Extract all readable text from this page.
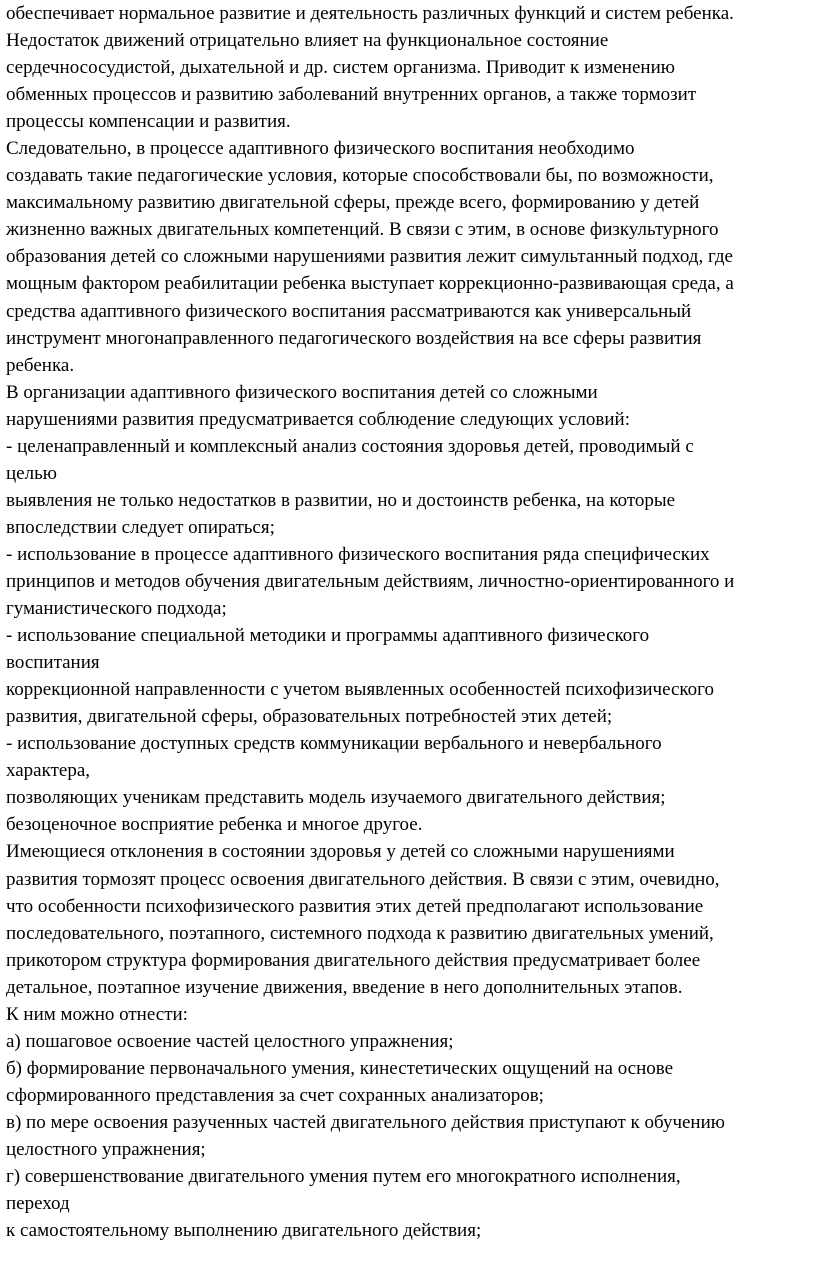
обеспечивает нормальное развитие и деятельность различных функций и систем ребенка.
Недостаток движений отрицательно влияет на функциональное состояние
сердечнососудистой, дыхательной и др. систем организма. Приводит к изменению
обменных процессов и развитию заболеваний внутренних органов, а также тормозит
процессы компенсации и развития.
Следовательно, в процессе адаптивного физического воспитания необходимо
создавать такие педагогические условия, которые способствовали бы, по возможности,
максимальному развитию двигательной сферы, прежде всего, формированию у детей
жизненно важных двигательных компетенций. В связи с этим, в основе физкультурного
образования детей со сложными нарушениями развития лежит симультанный подход, где
мощным фактором реабилитации ребенка выступает коррекционно-развивающая среда, а
средства адаптивного физического воспитания рассматриваются как универсальный
инструмент многонаправленного педагогического воздействия на все сферы развития
ребенка.
В организации адаптивного физического воспитания детей со сложными
нарушениями развития предусматривается соблюдение следующих условий:
- целенаправленный и комплексный анализ состояния здоровья детей, проводимый с
целью
выявления не только недостатков в развитии, но и достоинств ребенка, на которые
впоследствии следует опираться;
- использование в процессе адаптивного физического воспитания ряда специфических
принципов и методов обучения двигательным действиям, личностно-ориентированного и
гуманистического подхода;
- использование специальной методики и программы адаптивного физического
воспитания
коррекционной направленности с учетом выявленных особенностей психофизического
развития, двигательной сферы, образовательных потребностей этих детей;
- использование доступных средств коммуникации вербального и невербального
характера,
позволяющих ученикам представить модель изучаемого двигательного действия;
безоценочное восприятие ребенка и многое другое.
Имеющиеся отклонения в состоянии здоровья у детей со сложными нарушениями
развития тормозят процесс освоения двигательного действия. В связи с этим, очевидно,
что особенности психофизического развития этих детей предполагают использование
последовательного, поэтапного, системного подхода к развитию двигательных умений,
прикотором структура формирования двигательного действия предусматривает более
детальное, поэтапное изучение движения, введение в него дополнительных этапов.
К ним можно отнести:
а) пошаговое освоение частей целостного упражнения;
б) формирование первоначального умения, кинестетических ощущений на основе
сформированного представления за счет сохранных анализаторов;
в) по мере освоения разученных частей двигательного действия приступают к обучению
целостного упражнения;
г) совершенствование двигательного умения путем его многократного исполнения,
переход
к самостоятельному выполнению двигательного действия;
